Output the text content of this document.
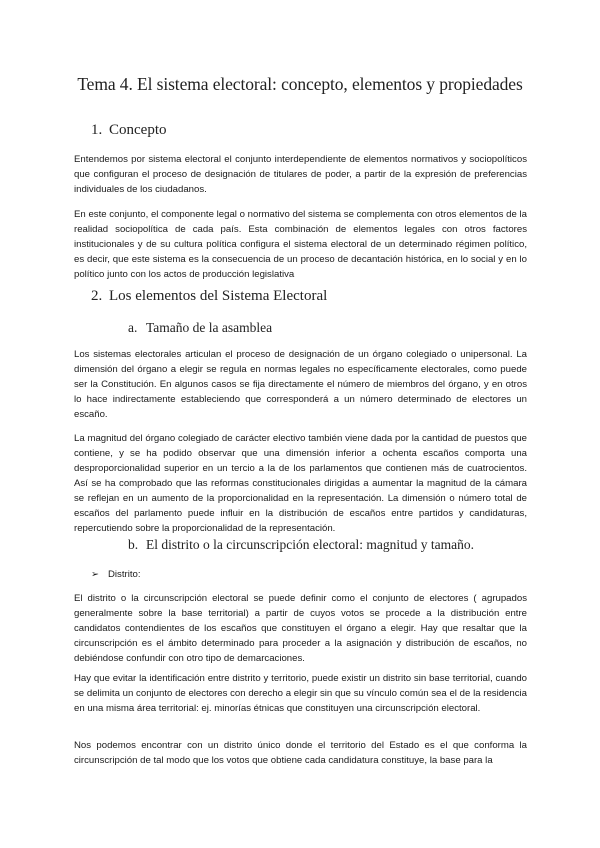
Tema 4. El sistema electoral: concepto, elementos y propiedades
1. Concepto
Entendemos por sistema electoral el conjunto interdependiente de elementos normativos y sociopolíticos que configuran el proceso de designación de titulares de poder, a partir de la expresión de preferencias individuales de los ciudadanos.
En este conjunto, el componente legal o normativo del sistema se complementa con otros elementos de la realidad sociopolítica de cada país. Esta combinación de elementos legales con otros factores institucionales y de su cultura política configura el sistema electoral de un determinado régimen político, es decir, que este sistema es la consecuencia de un proceso de decantación histórica, en lo social y en lo político junto con los actos de producción legislativa
2. Los elementos del Sistema Electoral
a. Tamaño de la asamblea
Los sistemas electorales articulan el proceso de designación de un órgano colegiado o unipersonal. La dimensión del órgano a elegir se regula en normas legales no específicamente electorales, como puede ser la Constitución. En algunos casos se fija directamente el número de miembros del órgano, y en otros lo hace indirectamente estableciendo que corresponderá a un número determinado de electores un escaño.
La magnitud del órgano colegiado de carácter electivo también viene dada por la cantidad de puestos que contiene, y se ha podido observar que una dimensión inferior a ochenta escaños comporta una desproporcionalidad superior en un tercio a la de los parlamentos que contienen más de cuatrocientos. Así se ha comprobado que las reformas constitucionales dirigidas a aumentar la magnitud de la cámara se reflejan en un aumento de la proporcionalidad en la representación. La dimensión o número total de escaños del parlamento puede influir en la distribución de escaños entre partidos y candidaturas, repercutiendo sobre la proporcionalidad de la representación.
b. El distrito o la circunscripción electoral: magnitud y tamaño.
➢ Distrito:
El distrito o la circunscripción electoral se puede definir como el conjunto de electores ( agrupados generalmente sobre la base territorial) a partir de cuyos votos se procede a la distribución entre candidatos contendientes de los escaños que constituyen el órgano a elegir. Hay que resaltar que la circunscripción es el ámbito determinado para proceder a la asignación y distribución de escaños, no debiéndose confundir con otro tipo de demarcaciones.
Hay que evitar la identificación entre distrito y territorio, puede existir un distrito sin base territorial, cuando se delimita un conjunto de electores con derecho a elegir sin que su vínculo común sea el de la residencia en una misma área territorial: ej. minorías étnicas que constituyen una circunscripción electoral.
Nos podemos encontrar con un distrito único donde el territorio del Estado es el que conforma la circunscripción de tal modo que los votos que obtiene cada candidatura constituye, la base para la
